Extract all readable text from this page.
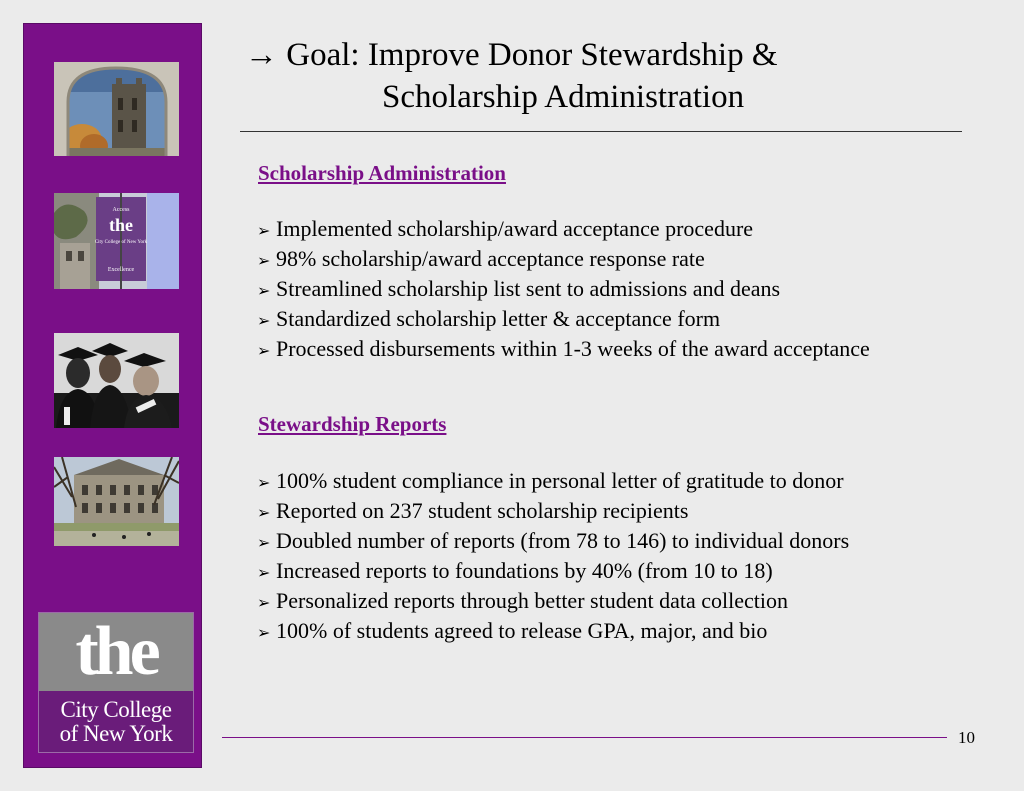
Access
the
City College of New York
Excellence
the
City College
of New York
→ Goal: Improve Donor Stewardship &
Scholarship Administration
Scholarship Administration
➢ Implemented scholarship/award acceptance procedure
➢ 98% scholarship/award acceptance response rate
➢ Streamlined scholarship list sent to admissions and deans
➢ Standardized scholarship letter & acceptance form
➢ Processed disbursements within 1-3 weeks of the award acceptance
Stewardship Reports
➢ 100% student compliance in personal letter of gratitude to donor
➢ Reported on 237 student scholarship recipients
➢ Doubled number of reports (from 78 to 146) to individual donors
➢ Increased reports to foundations by 40% (from 10 to 18)
➢ Personalized reports through better student data collection
➢ 100% of students agreed to release GPA, major, and bio
10
